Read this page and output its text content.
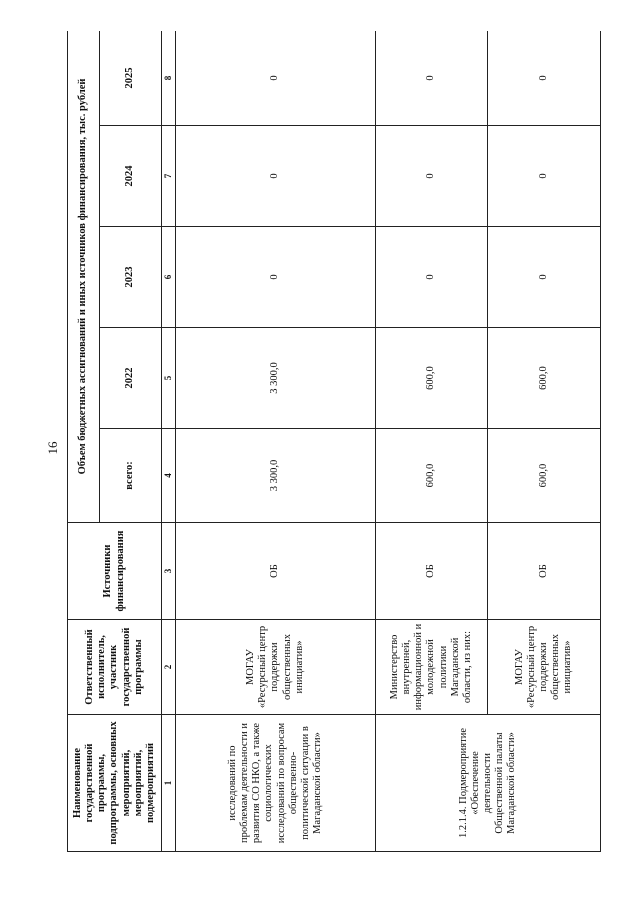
16
Наименование государственной программы, подпрограммы, основных мероприятий, мероприятий, подмероприятий	Ответственный исполнитель, участник государственной программы	Источники финансирования	Объем бюджетных ассигнований и иных источников финансирования, тыс. рублей				
			всего:	2022	2023	2024	2025
1	2	3	4	5	6	7	8
исследований по проблемам деятельности и развития СО НКО, а также социологических исследований по вопросам общественно-политической ситуации в Магаданской области»	МОГАУ «Ресурсный центр поддержки общественных инициатив»	ОБ	3 300,0	3 300,0	0	0	0
1.2.1.4. Подмероприятие «Обеспечение деятельности Общественной палаты Магаданской области»	Министерство внутренней, информационной и молодежной политики Магаданской области, из них:	ОБ	600,0	600,0	0	0	0
	МОГАУ «Ресурсный центр поддержки общественных инициатив»	ОБ	600,0	600,0	0	0	0
